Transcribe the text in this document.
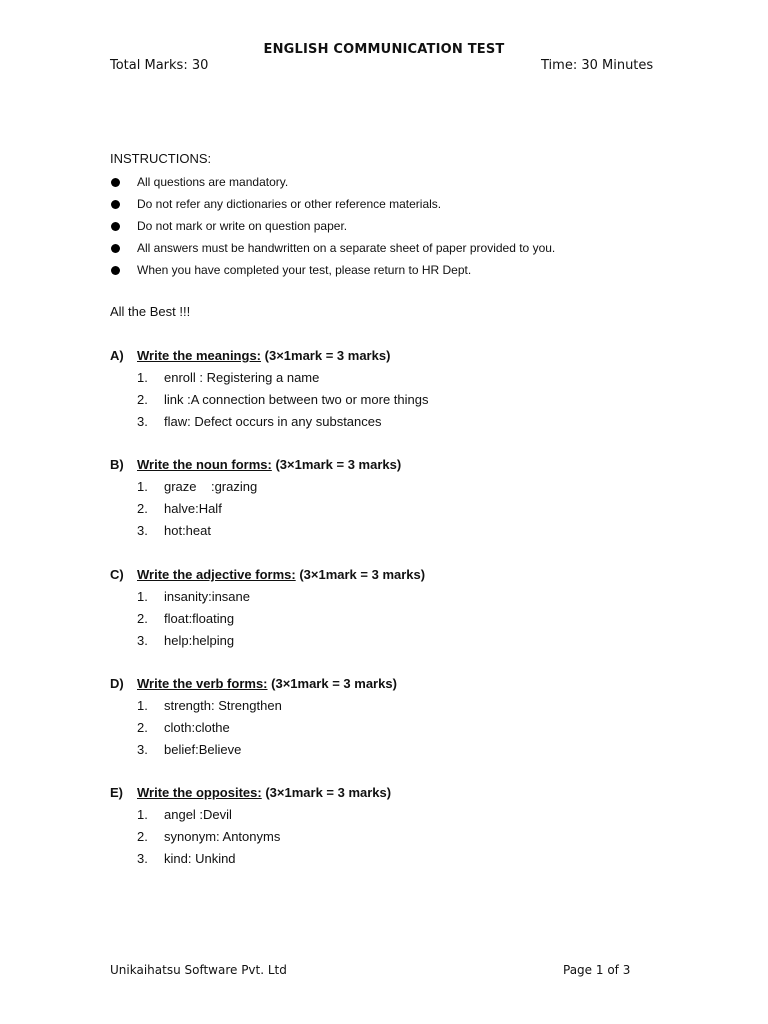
ENGLISH COMMUNICATION TEST
Total Marks: 30	Time: 30 Minutes
INSTRUCTIONS:
All questions are mandatory.
Do not refer any dictionaries or other reference materials.
Do not mark or write on question paper.
All answers must be handwritten on a separate sheet of paper provided to you.
When you have completed your test, please return to HR Dept.
All the Best !!!
A) Write the meanings: (3×1mark = 3 marks)
1. enroll : Registering a name
2. link :A connection between two or more things
3. flaw: Defect occurs in any substances
B) Write the noun forms: (3×1mark = 3 marks)
1. graze    :grazing
2. halve:Half
3. hot:heat
C) Write the adjective forms: (3×1mark = 3 marks)
1. insanity:insane
2. float:floating
3. help:helping
D) Write the verb forms: (3×1mark = 3 marks)
1. strength: Strengthen
2. cloth:clothe
3. belief:Believe
E) Write the opposites: (3×1mark = 3 marks)
1. angel :Devil
2. synonym: Antonyms
3. kind: Unkind
Unikaihatsu Software Pvt. Ltd	Page 1 of 3
